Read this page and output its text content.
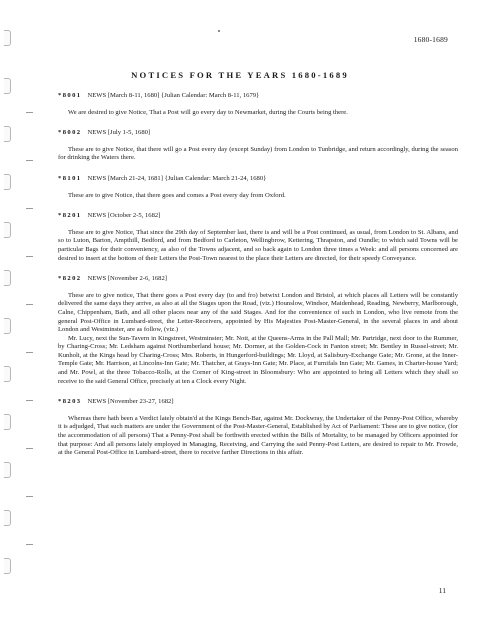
1680-1689
NOTICES FOR THE YEARS 1680-1689
*8001 NEWS [March 8-11, 1680] {Julian Calendar: March 8-11, 1679}

We are desired to give Notice, That a Post will go every day to Newmarket, during the Courts being there.

*8002 NEWS [July 1-5, 1680]

These are to give Notice, that there will go a Post every day (except Sunday) from London to Tunbridge, and return accordingly, during the season for drinking the Waters there.

*8101 NEWS [March 21-24, 1681] {Julian Calendar: March 21-24, 1680}

These are to give Notice, that there goes and comes a Post every day from Oxford.

*8201 NEWS [October 2-5, 1682]

These are to give Notice, That since the 29th day of September last, there is and will be a Post continued, as usual, from London to St. Albans, and so to Luton, Barton, Ampthill, Bedford, and from Bedford to Carleton, Wellingbrow, Kettering, Thrapston, and Oundle; to which said Towns will be particular Bags for their conveniency, as also of the Towns adjacent, and so back again to London three times a Week: and all persons concerned are desired to insert at the bottom of their Letters the Post-Town nearest to the place their Letters are directed, for their speedy Conveyance.

*8202 NEWS [November 2-6, 1682]

These are to give notice, That there goes a Post every day (to and fro) betwixt London and Bristol, at which places all Letters will be constantly delivered the same days they arrive, as also at all the Stages upon the Road, (viz.) Hounslow, Windsor, Maidenhead, Reading, Newberry, Marlborough, Calne, Chippenham, Bath, and all other places near any of the said Stages. And for the convenience of such in London, who live remote from the general Post-Office in Lumbard-street, the Letter-Receivers, appointed by His Majesties Post-Master-General, in the several places in and about London and Westminster, are as follow, (viz.)

Mr. Lucy, next the Sun-Tavern in Kingstreet, Westminster; Mr. Nott, at the Queens-Arms in the Pall Mall; Mr. Partridge, next door to the Rummer, by Charing-Cross; Mr. Ledsham against Northumberland house; Mr. Dormer, at the Golden-Cock in Fanton street; Mr. Bentley in Russel-street; Mr. Kunholt, at the Kings head by Charing-Cross; Mrs. Roberts, in Hungerford-buildings; Mr. Lloyd, at Salisbury-Exchange Gate; Mr. Grone, at the Inner-Temple Gate; Mr. Harrison, at Lincolns-Inn Gate; Mr. Thatcher, at Grays-Inn Gate; Mr. Place, at Furnifals Inn Gate; Mr. Games, in Charter-house Yard; and Mr. Powl, at the three Tobacco-Rolls, at the Corner of King-street in Bloomsbury: Who are appointed to bring all Letters which they shall so receive to the said General Office, precisely at ten a Clock every Night.

*8203 NEWS [November 23-27, 1682]

Whereas there hath been a Verdict lately obtain'd at the Kings Bench-Bar, against Mr. Dockwray, the Undertaker of the Penny-Post Office, whereby it is adjudged, That such matters are under the Government of the Post-Master-General, Established by Act of Parliament: These are to give notice, (for the accommodation of all persons) That a Penny-Post shall be forthwith erected within the Bills of Mortality, to be managed by Officers appointed for that purpose: And all persons lately employed in Managing, Receiving, and Carrying the said Penny-Post Letters, are desired to repair to Mr. Frowde, at the General Post-Office in Lumbard-street, there to receive farther Directions in this affair.

11
